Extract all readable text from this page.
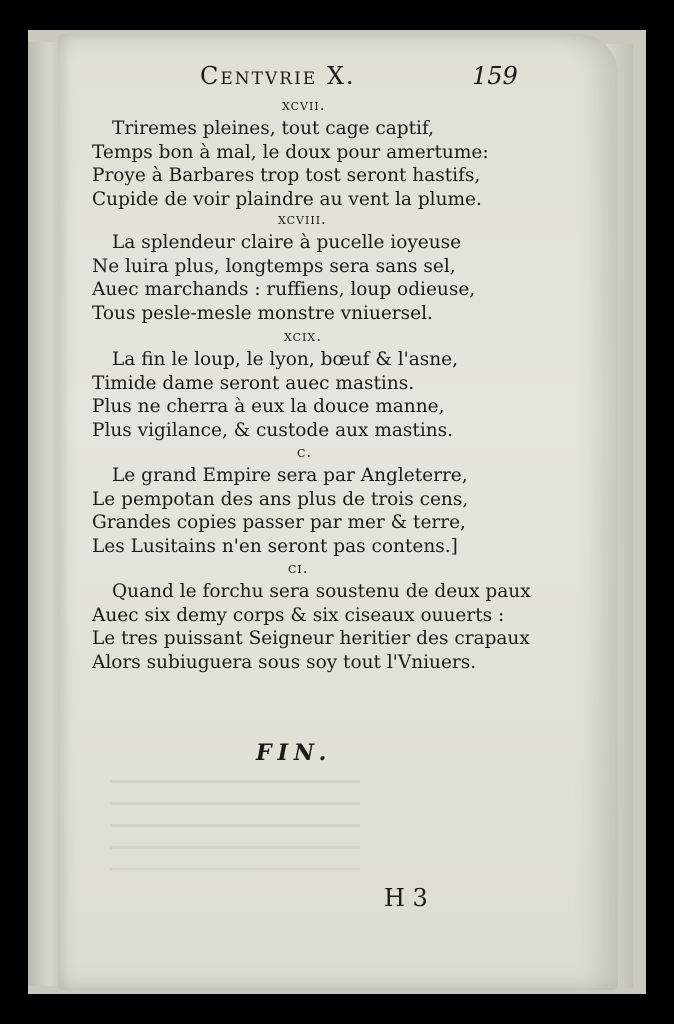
Centvrie X.	159
xcvii.
Triremes pleines, tout cage captif,
Temps bon à mal, le doux pour amertume:
Proye à Barbares trop tost seront hastifs,
Cupide de voir plaindre au vent la plume.
xcviii.
La splendeur claire à pucelle ioyeuse
Ne luira plus, longtemps sera sans sel,
Auec marchands : ruffiens, loup odieuse,
Tous pesle-mesle monstre vniuersel.
xcix.
La fin le loup, le lyon, bœuf & l'asne,
Timide dame seront auec mastins.
Plus ne cherra à eux la douce manne,
Plus vigilance, & custode aux mastins.
c.
Le grand Empire sera par Angleterre,
Le pempotan des ans plus de trois cens,
Grandes copies passer par mer & terre,
Les Lusitains n'en seront pas contens.]
ci.
Quand le forchu sera soustenu de deux paux
Auec six demy corps & six ciseaux ouuerts :
Le tres puissant Seigneur heritier des crapaux
Alors subiuguera sous soy tout l'Vniuers.
FIN.
H 3
